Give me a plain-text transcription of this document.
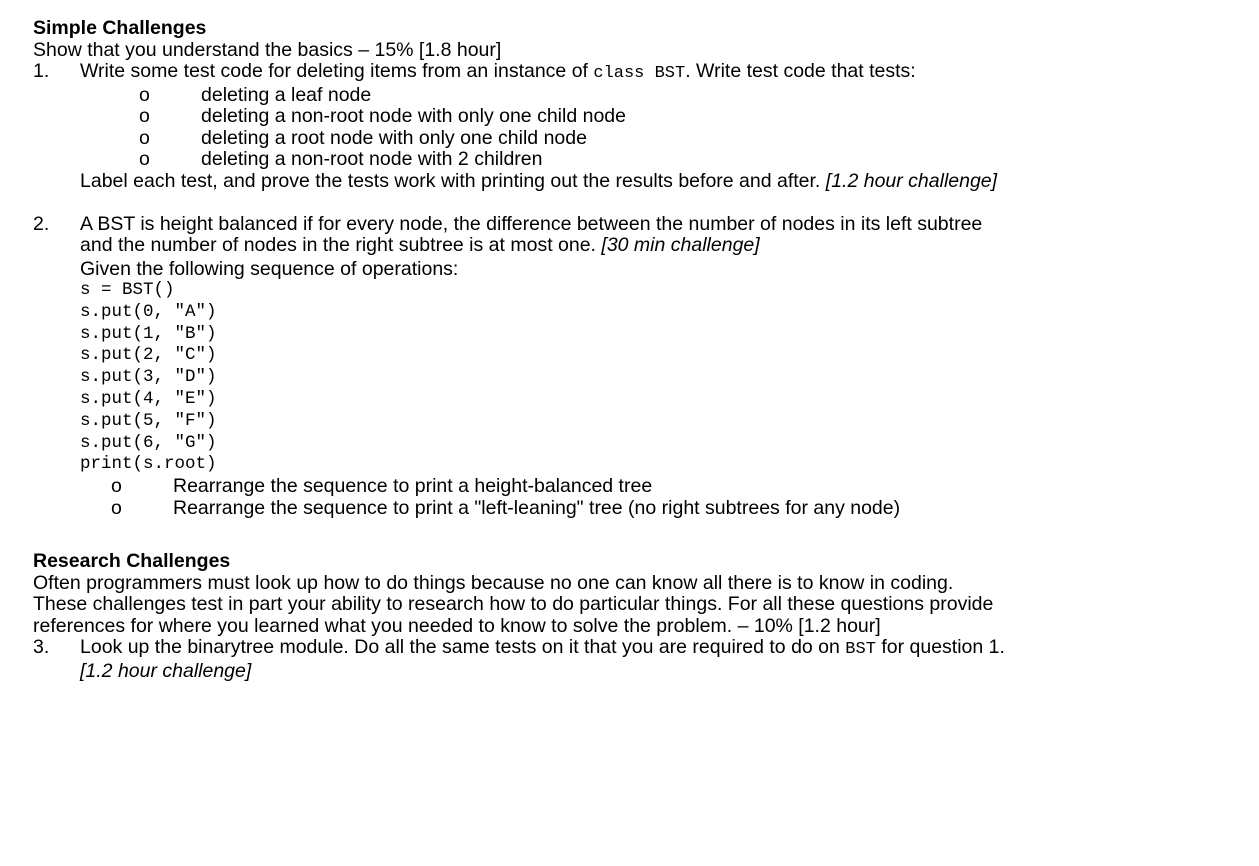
Simple Challenges
Show that you understand the basics – 15% [1.8 hour]
1. Write some test code for deleting items from an instance of class BST. Write test code that tests:
o	deleting a leaf node
o	deleting a non-root node with only one child node
o	deleting a root node with only one child node
o	deleting a non-root node with 2 children
Label each test, and prove the tests work with printing out the results before and after. [1.2 hour challenge]
2. A BST is height balanced if for every node, the difference between the number of nodes in its left subtree
and the number of nodes in the right subtree is at most one. [30 min challenge]
Given the following sequence of operations:
s = BST()
s.put(0, "A")
s.put(1, "B")
s.put(2, "C")
s.put(3, "D")
s.put(4, "E")
s.put(5, "F")
s.put(6, "G")
print(s.root)
o	Rearrange the sequence to print a height-balanced tree
o	Rearrange the sequence to print a "left-leaning" tree (no right subtrees for any node)
Research Challenges
Often programmers must look up how to do things because no one can know all there is to know in coding.
These challenges test in part your ability to research how to do particular things. For all these questions provide
references for where you learned what you needed to know to solve the problem. – 10% [1.2 hour]
3. Look up the binarytree module. Do all the same tests on it that you are required to do on BST for question 1.
[1.2 hour challenge]
